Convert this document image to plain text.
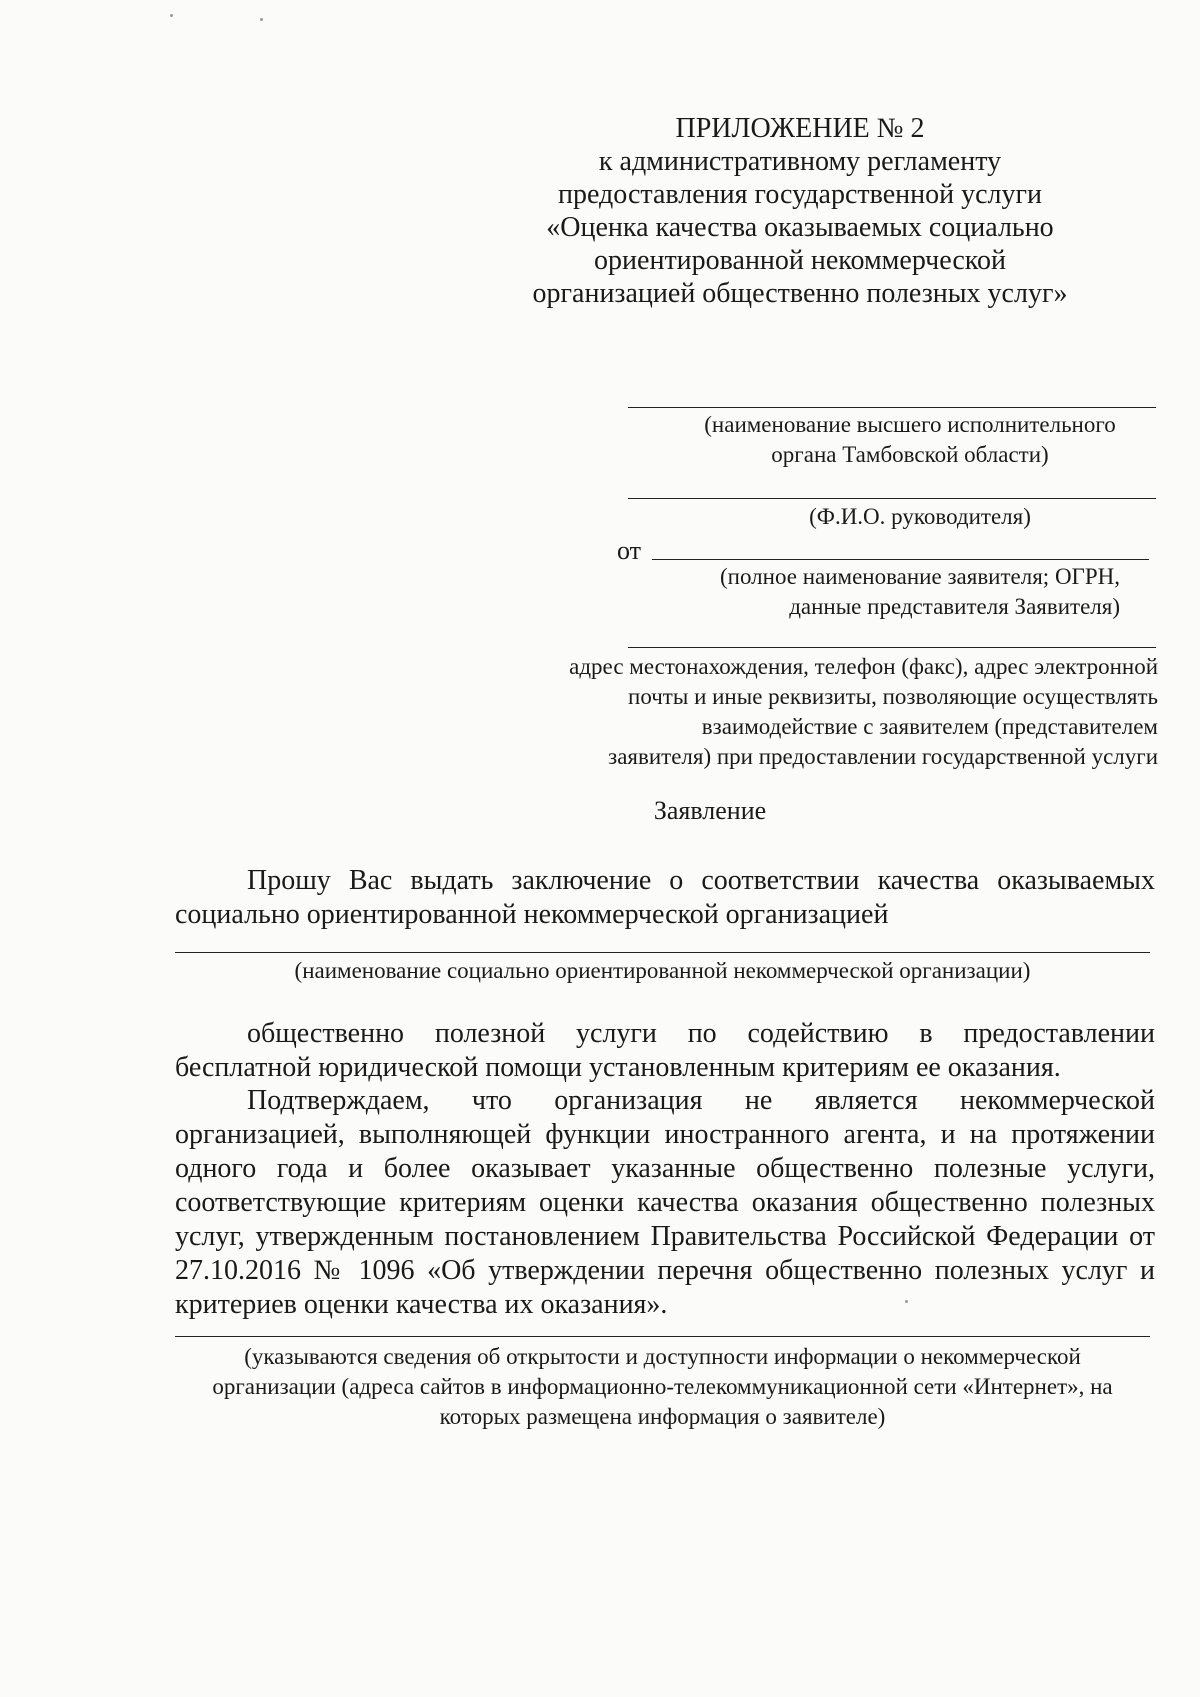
ПРИЛОЖЕНИЕ № 2
к административному регламенту
предоставления государственной услуги
«Оценка качества оказываемых социально
ориентированной некоммерческой
организацией общественно полезных услуг»
(наименование высшего исполнительного
органа Тамбовской области)
(Ф.И.О. руководителя)
от
(полное наименование заявителя; ОГРН,
данные представителя Заявителя)
адрес местонахождения, телефон (факс), адрес электронной
почты и иные реквизиты, позволяющие осуществлять
взаимодействие с заявителем (представителем
заявителя) при предоставлении государственной услуги
Заявление
Прошу Вас выдать заключение о соответствии качества оказываемых
социально ориентированной некоммерческой организацией
(наименование социально ориентированной некоммерческой организации)
общественно полезной услуги по содействию в предоставлении
бесплатной юридической помощи установленным критериям ее оказания.
Подтверждаем, что организация не является некоммерческой
организацией, выполняющей функции иностранного агента, и на протяжении
одного года и более оказывает указанные общественно полезные услуги,
соответствующие критериям оценки качества оказания общественно полезных
услуг, утвержденным постановлением Правительства Российской Федерации от
27.10.2016 № 1096 «Об утверждении перечня общественно полезных услуг и
критериев оценки качества их оказания».
(указываются сведения об открытости и доступности информации о некоммерческой
организации (адреса сайтов в информационно-телекоммуникационной сети «Интернет», на
которых размещена информация о заявителе)
